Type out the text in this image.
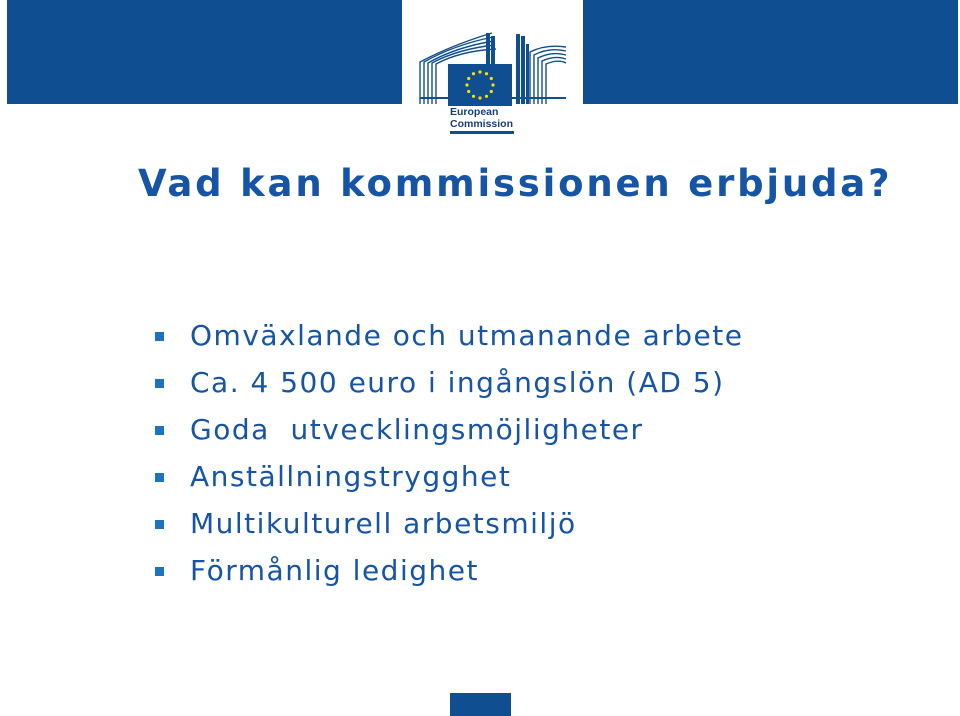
European
Commission
Vad kan kommissionen erbjuda?
Omväxlande och utmanande arbete
Ca. 4 500 euro i ingångslön (AD 5)
Goda  utvecklingsmöjligheter
Anställningstrygghet
Multikulturell arbetsmiljö
Förmånlig ledighet
